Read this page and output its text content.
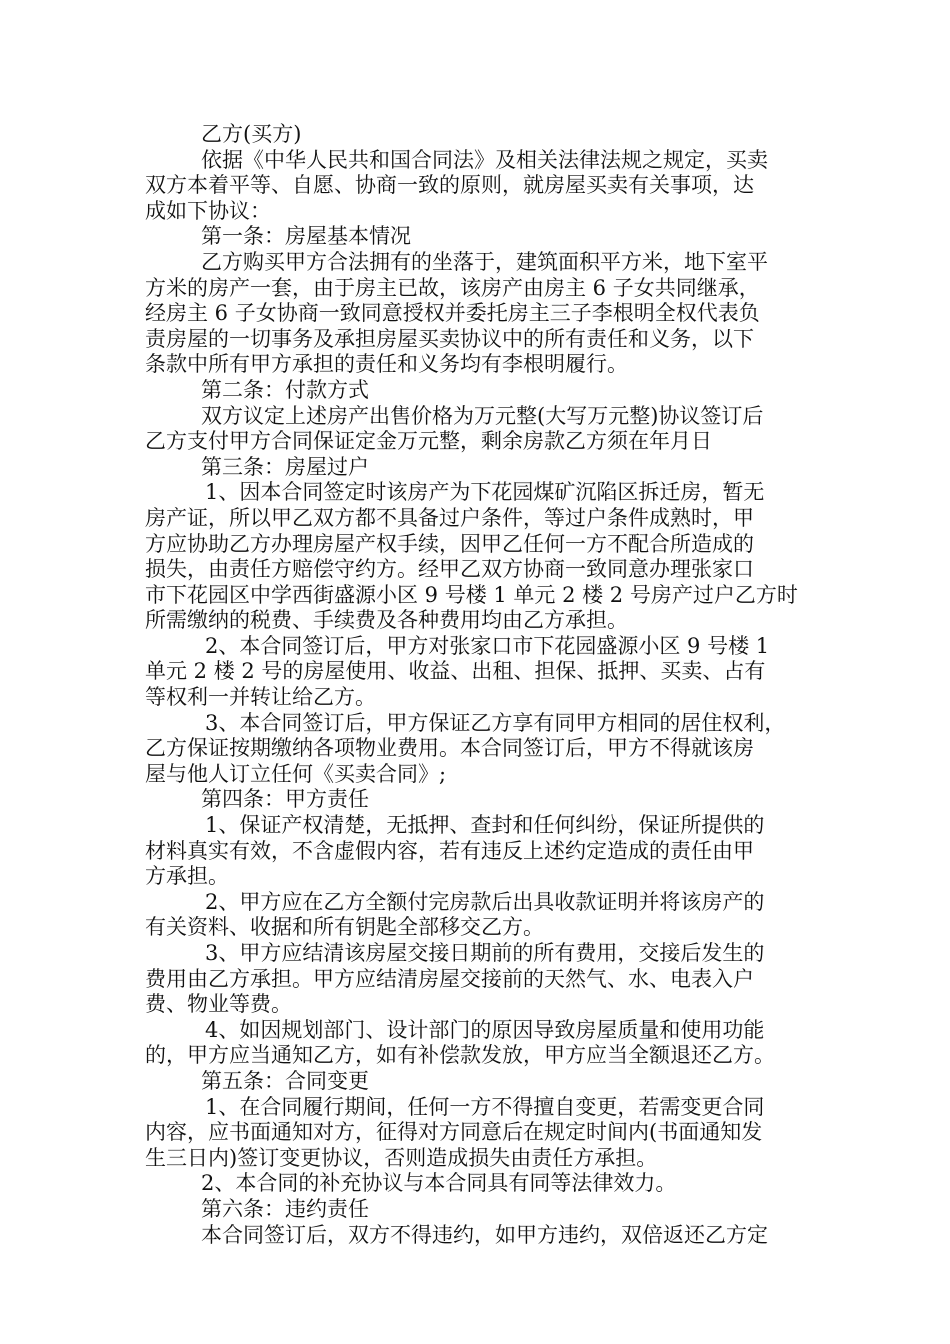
乙方(买方)
依据《中华人民共和国合同法》及相关法律法规之规定，买卖
双方本着平等、自愿、协商一致的原则，就房屋买卖有关事项，达
成如下协议：
第一条：房屋基本情况
乙方购买甲方合法拥有的坐落于，建筑面积平方米，地下室平
方米的房产一套，由于房主已故，该房产由房主 6 子女共同继承，
经房主 6 子女协商一致同意授权并委托房主三子李根明全权代表负
责房屋的一切事务及承担房屋买卖协议中的所有责任和义务，以下
条款中所有甲方承担的责任和义务均有李根明履行。
第二条：付款方式
双方议定上述房产出售价格为万元整(大写万元整)协议签订后
乙方支付甲方合同保证定金万元整，剩余房款乙方须在年月日
第三条：房屋过户
1、因本合同签定时该房产为下花园煤矿沉陷区拆迁房，暂无
房产证，所以甲乙双方都不具备过户条件，等过户条件成熟时，甲
方应协助乙方办理房屋产权手续，因甲乙任何一方不配合所造成的
损失，由责任方赔偿守约方。经甲乙双方协商一致同意办理张家口
市下花园区中学西街盛源小区 9 号楼 1 单元 2 楼 2 号房产过户乙方时
所需缴纳的税费、手续费及各种费用均由乙方承担。
2、本合同签订后，甲方对张家口市下花园盛源小区 9 号楼 1
单元 2 楼 2 号的房屋使用、收益、出租、担保、抵押、买卖、占有
等权利一并转让给乙方。
3、本合同签订后，甲方保证乙方享有同甲方相同的居住权利，
乙方保证按期缴纳各项物业费用。本合同签订后，甲方不得就该房
屋与他人订立任何《买卖合同》;
第四条：甲方责任
1、保证产权清楚，无抵押、查封和任何纠纷，保证所提供的
材料真实有效，不含虚假内容，若有违反上述约定造成的责任由甲
方承担。
2、甲方应在乙方全额付完房款后出具收款证明并将该房产的
有关资料、收据和所有钥匙全部移交乙方。
3、甲方应结清该房屋交接日期前的所有费用，交接后发生的
费用由乙方承担。甲方应结清房屋交接前的天然气、水、电表入户
费、物业等费。
4、如因规划部门、设计部门的原因导致房屋质量和使用功能
的，甲方应当通知乙方，如有补偿款发放，甲方应当全额退还乙方。
第五条：合同变更
1、在合同履行期间，任何一方不得擅自变更，若需变更合同
内容，应书面通知对方，征得对方同意后在规定时间内(书面通知发
生三日内)签订变更协议，否则造成损失由责任方承担。
2、本合同的补充协议与本合同具有同等法律效力。
第六条：违约责任
本合同签订后，双方不得违约，如甲方违约，双倍返还乙方定
